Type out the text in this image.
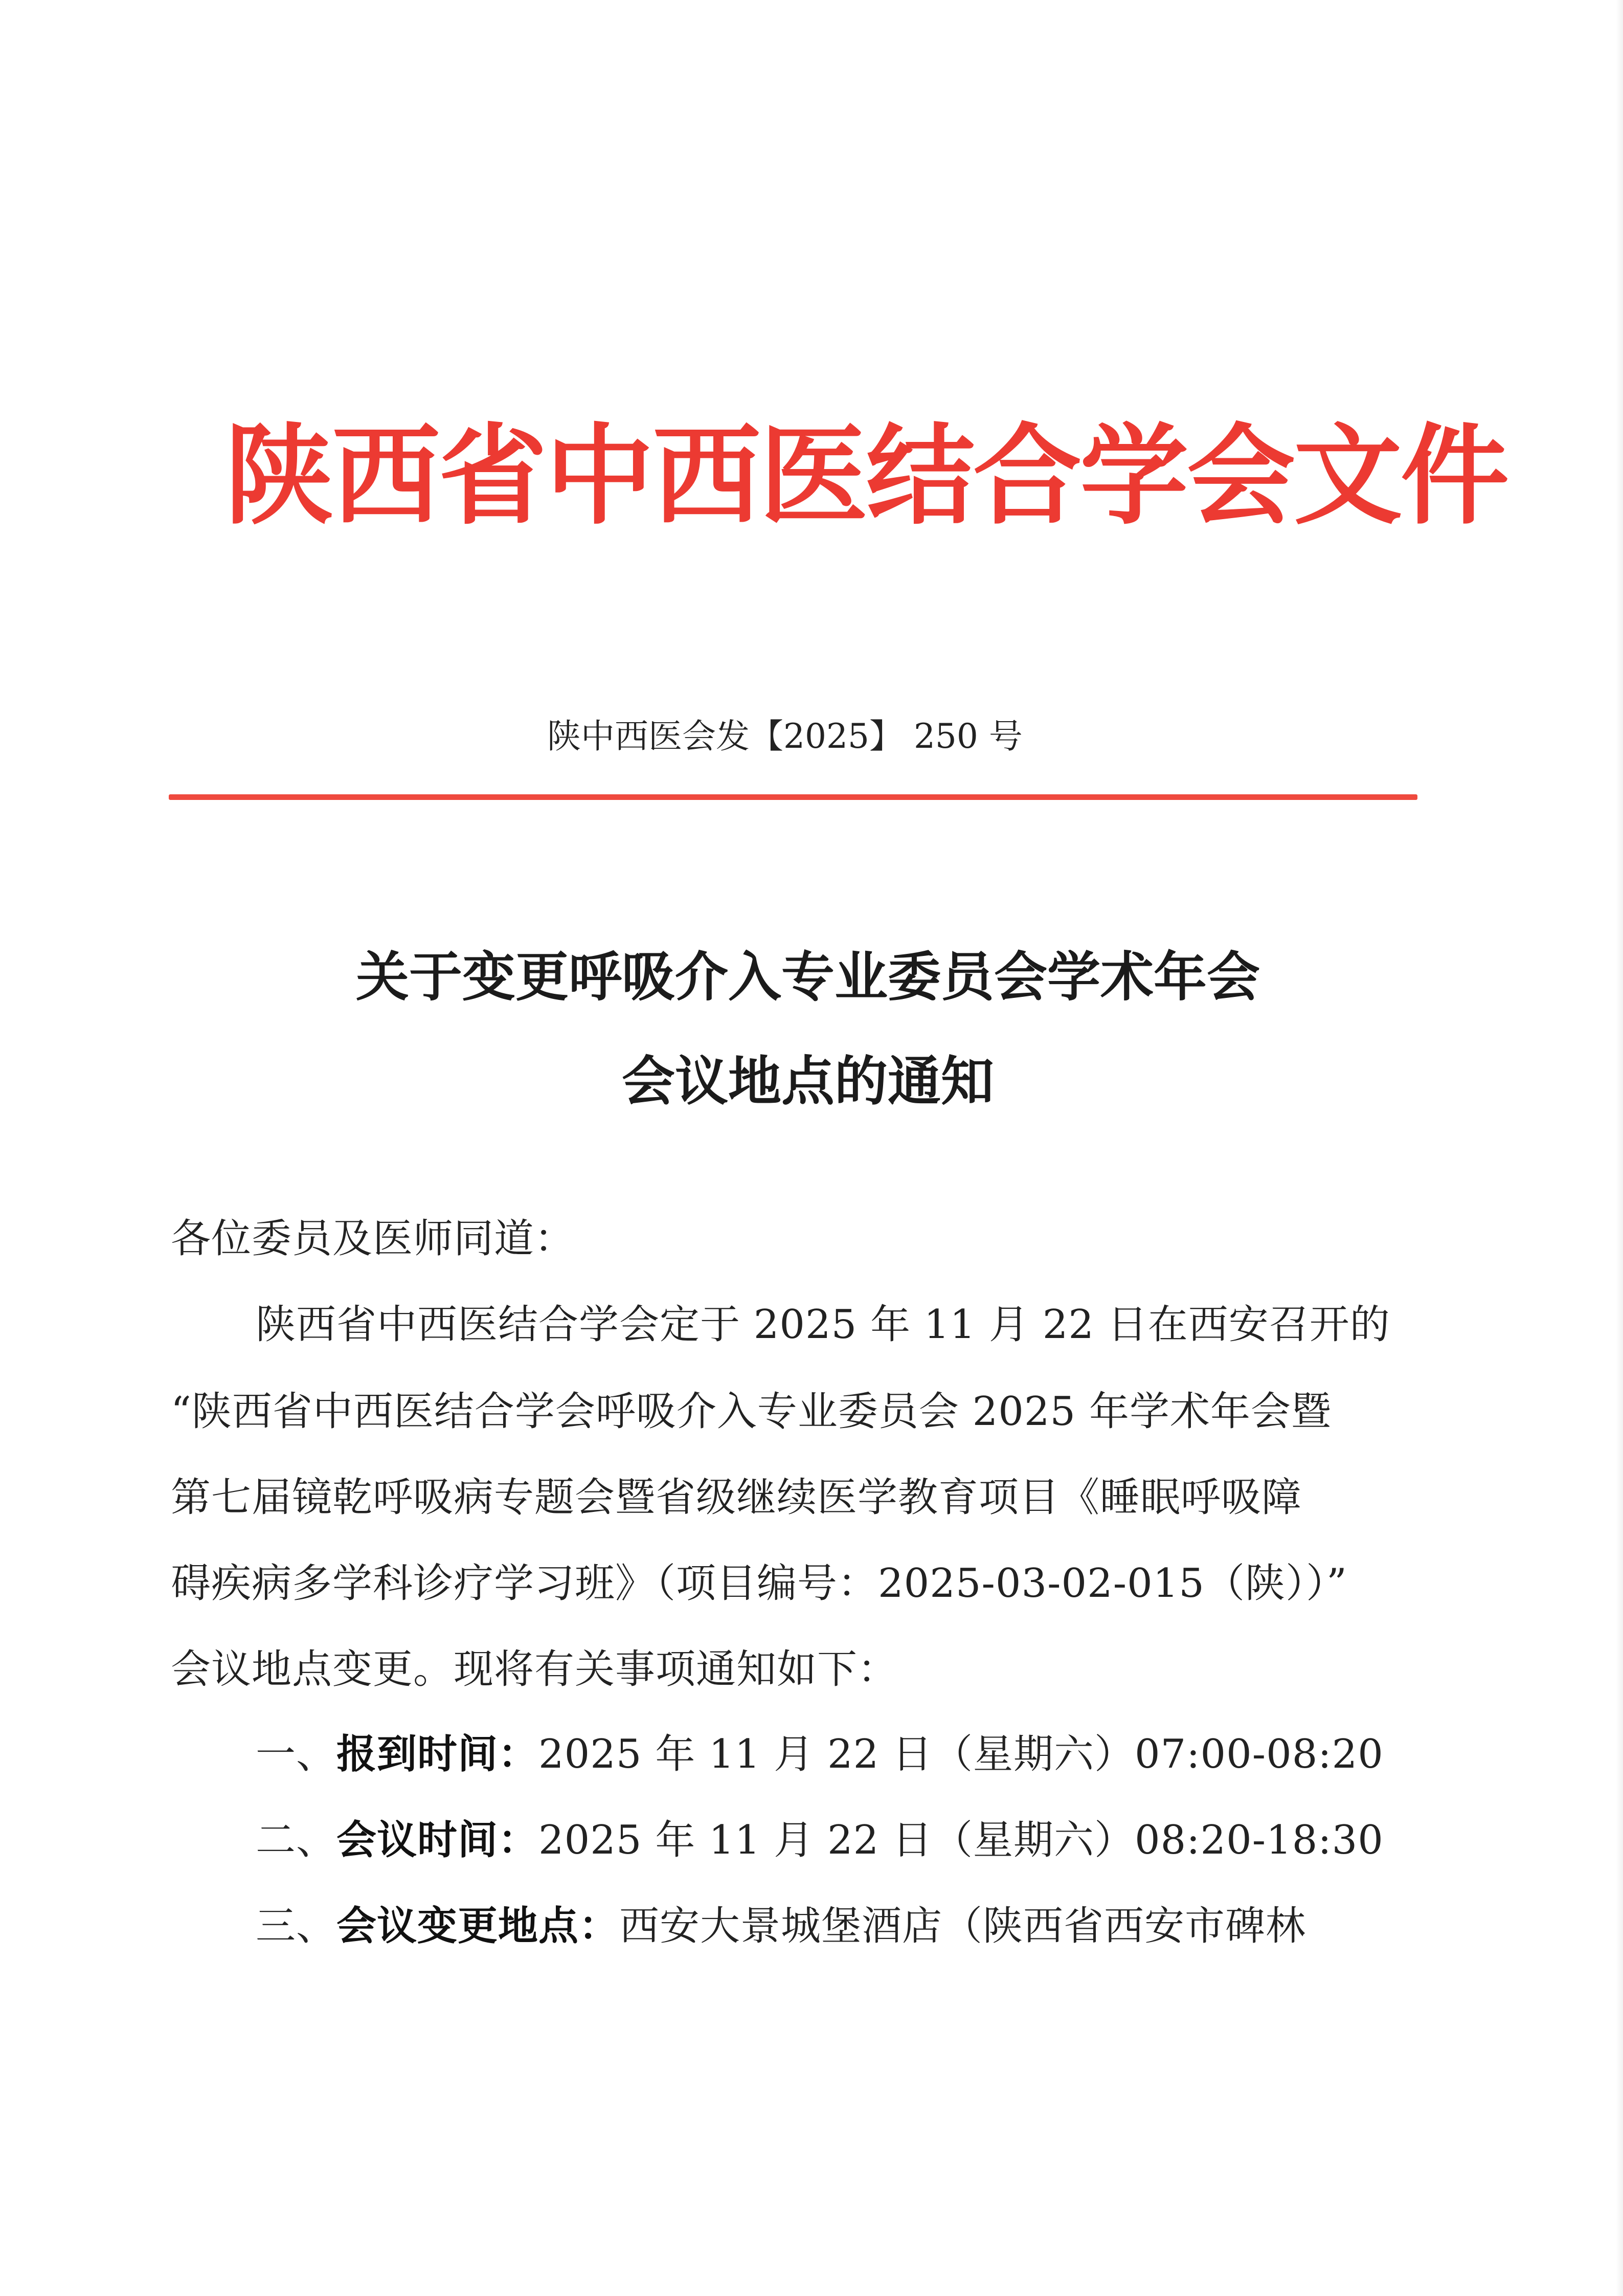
陕西省中西医结合学会文件
陕中西医会发【2025】 250 号
关于变更呼吸介入专业委员会学术年会
会议地点的通知
各位委员及医师同道：
陕西省中西医结合学会定于 2025 年 11 月 22 日在西安召开的
“陕西省中西医结合学会呼吸介入专业委员会 2025 年学术年会暨
第七届镜乾呼吸病专题会暨省级继续医学教育项目《睡眠呼吸障
碍疾病多学科诊疗学习班》（项目编号：2025-03-02-015（陕））”
会议地点变更。现将有关事项通知如下：
一、报到时间：2025 年 11 月 22 日（星期六）07:00-08:20
二、会议时间：2025 年 11 月 22 日（星期六）08:20-18:30
三、会议变更地点：西安大景城堡酒店（陕西省西安市碑林
